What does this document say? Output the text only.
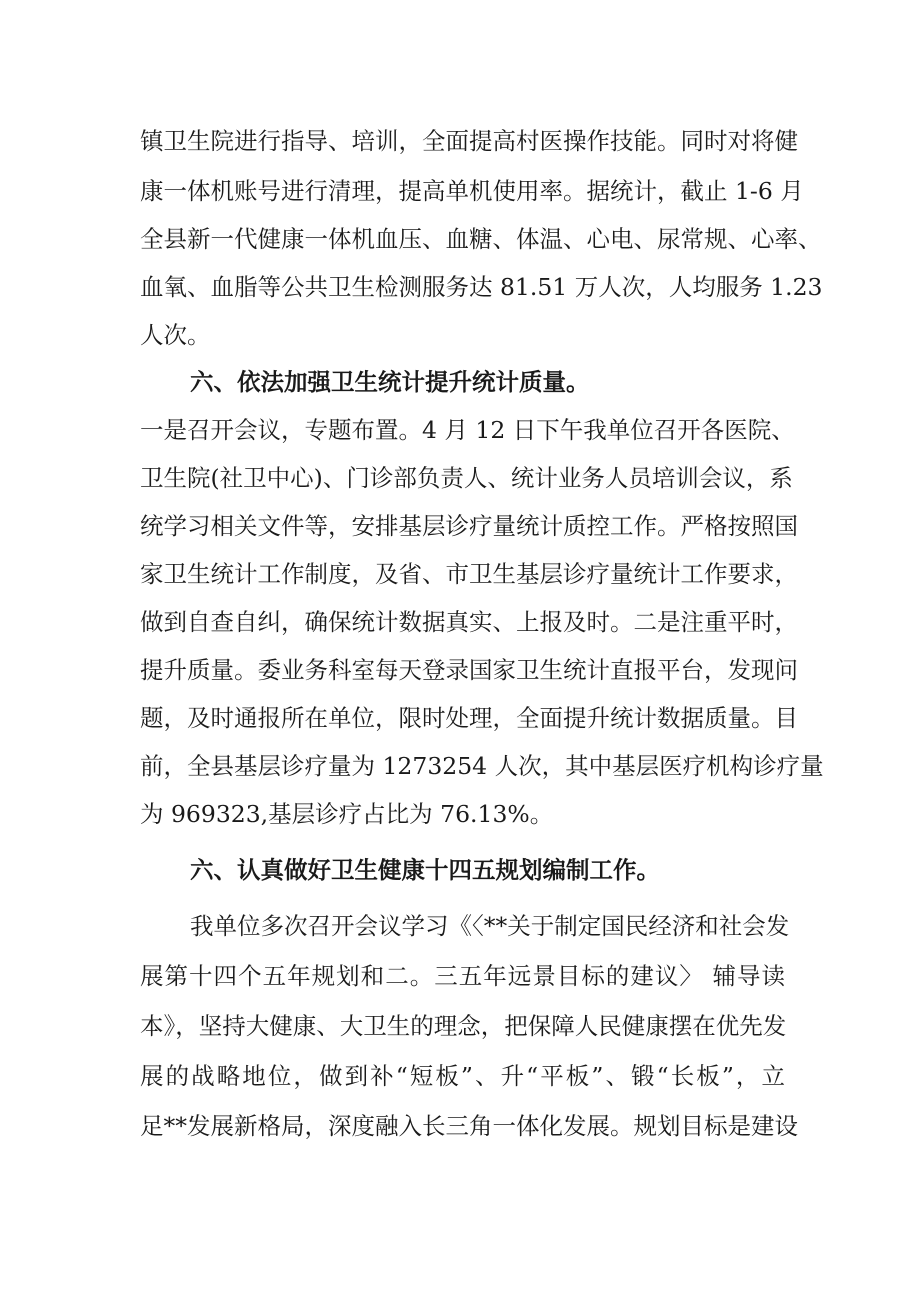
镇卫生院进行指导、培训，全面提高村医操作技能。同时对将健
康一体机账号进行清理，提高单机使用率。据统计，截止 1-6 月
全县新一代健康一体机血压、血糖、体温、心电、尿常规、心率、
血氧、血脂等公共卫生检测服务达 81.51 万人次，人均服务 1.23
人次。
六、依法加强卫生统计提升统计质量。
一是召开会议，专题布置。4 月 12 日下午我单位召开各医院、
卫生院(社卫中心)、门诊部负责人、统计业务人员培训会议，系
统学习相关文件等，安排基层诊疗量统计质控工作。严格按照国
家卫生统计工作制度，及省、市卫生基层诊疗量统计工作要求，
做到自查自纠，确保统计数据真实、上报及时。二是注重平时，
提升质量。委业务科室每天登录国家卫生统计直报平台，发现问
题，及时通报所在单位，限时处理，全面提升统计数据质量。目
前，全县基层诊疗量为 1273254 人次，其中基层医疗机构诊疗量
为 969323,基层诊疗占比为 76.13%。
六、认真做好卫生健康十四五规划编制工作。
我单位多次召开会议学习《〈**关于制定国民经济和社会发
展第十四个五年规划和二。三五年远景目标的建议〉 辅导读
本》，坚持大健康、大卫生的理念，把保障人民健康摆在优先发
展的战略地位，做到补“短板”、升“平板”、锻“长板”，立
足**发展新格局，深度融入长三角一体化发展。规划目标是建设
